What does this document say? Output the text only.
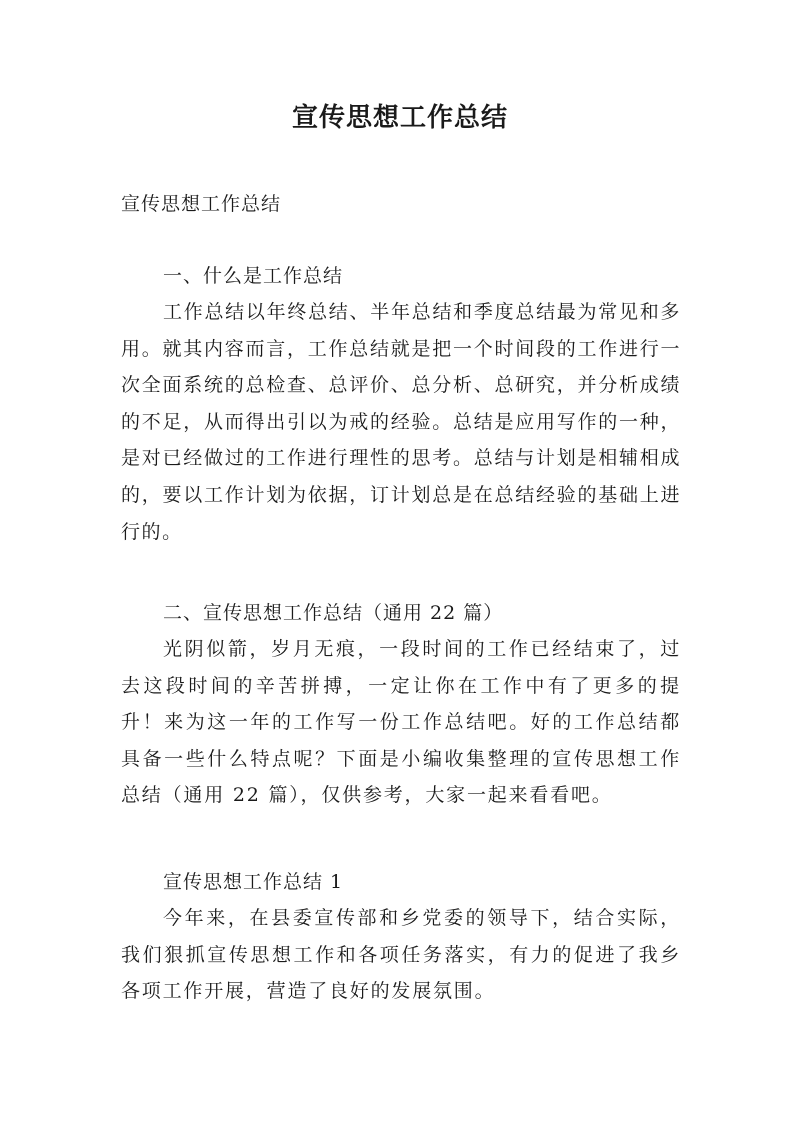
宣传思想工作总结

宣传思想工作总结

一、什么是工作总结

工作总结以年终总结、半年总结和季度总结最为常见和多用。就其内容而言，工作总结就是把一个时间段的工作进行一次全面系统的总检查、总评价、总分析、总研究，并分析成绩的不足，从而得出引以为戒的经验。总结是应用写作的一种，是对已经做过的工作进行理性的思考。总结与计划是相辅相成的，要以工作计划为依据，订计划总是在总结经验的基础上进行的。

二、宣传思想工作总结（通用 22 篇）

光阴似箭，岁月无痕，一段时间的工作已经结束了，过去这段时间的辛苦拼搏，一定让你在工作中有了更多的提升！来为这一年的工作写一份工作总结吧。好的工作总结都具备一些什么特点呢？下面是小编收集整理的宣传思想工作总结（通用 22 篇），仅供参考，大家一起来看看吧。

宣传思想工作总结 1

今年来，在县委宣传部和乡党委的领导下，结合实际，我们狠抓宣传思想工作和各项任务落实，有力的促进了我乡各项工作开展，营造了良好的发展氛围。
